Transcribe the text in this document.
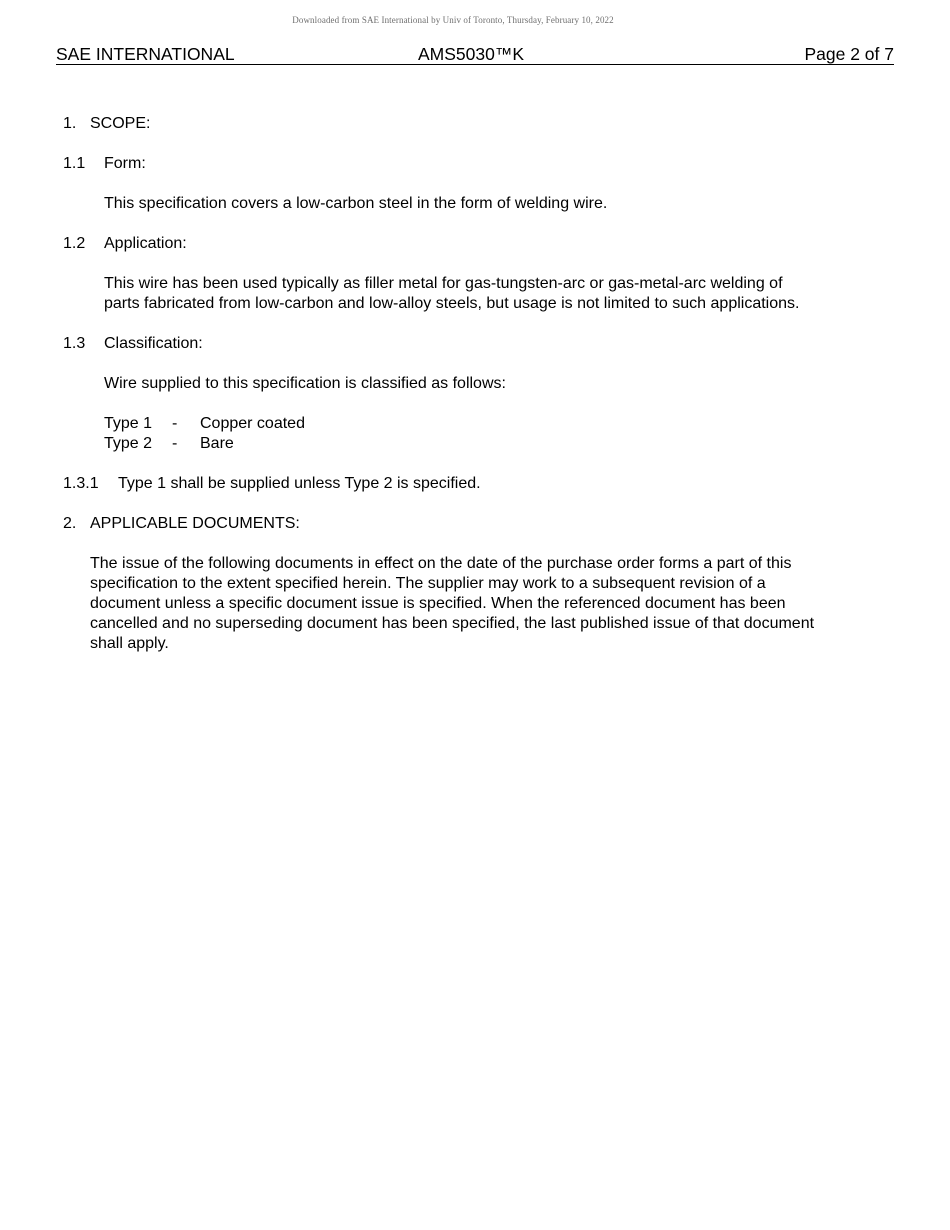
Downloaded from SAE International by Univ of Toronto, Thursday, February 10, 2022
SAE INTERNATIONAL	AMS5030™K	Page 2 of 7
1. SCOPE:
1.1 Form:
This specification covers a low-carbon steel in the form of welding wire.
1.2 Application:

This wire has been used typically as filler metal for gas-tungsten-arc or gas-metal-arc welding of

parts fabricated from low-carbon and low-alloy steels, but usage is not limited to such applications.

1.3 Classification:
Wire supplied to this specification is classified as follows:
Type 1 - Copper coated
Type 2 - Bare
1.3.1 Type 1 shall be supplied unless Type 2 is specified.
2. APPLICABLE DOCUMENTS:

The issue of the following documents in effect on the date of the purchase order forms a part of this

specification to the extent specified herein. The supplier may work to a subsequent revision of a

document unless a specific document issue is specified. When the referenced document has been

cancelled and no superseding document has been specified, the last published issue of that document

shall apply.
